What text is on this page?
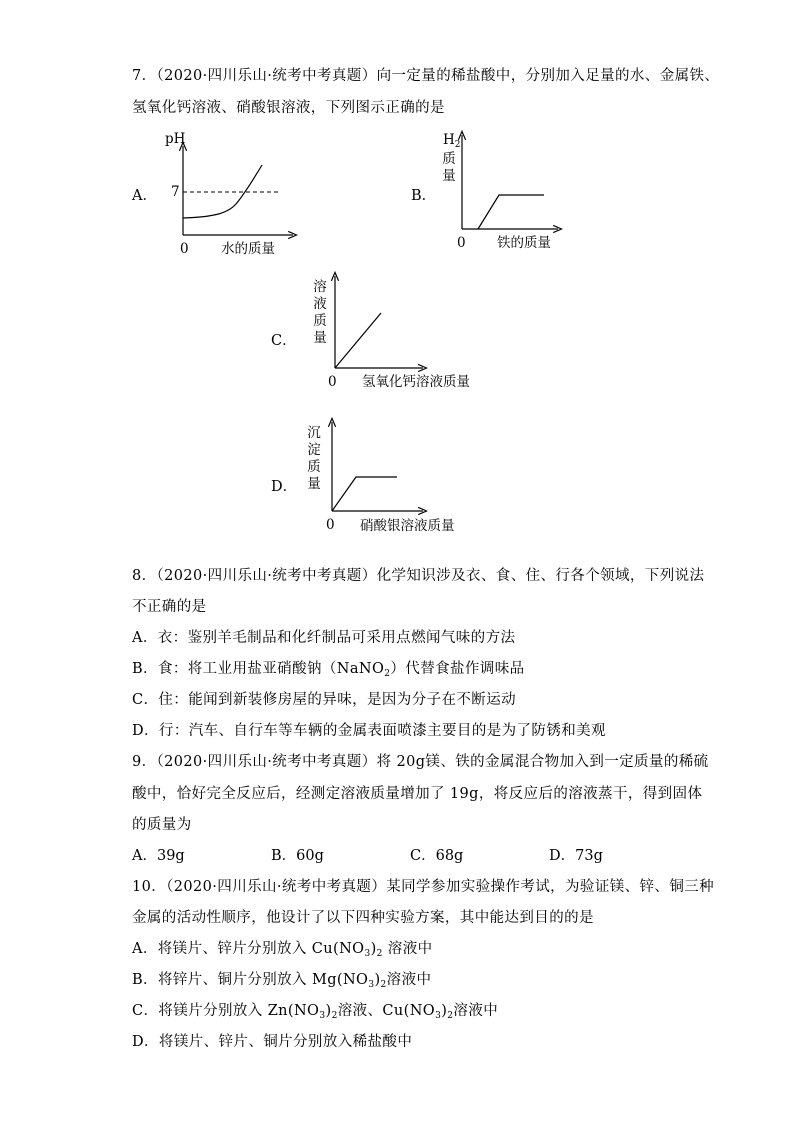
7．（2020·四川乐山·统考中考真题）向一定量的稀盐酸中，分别加入足量的水、金属铁、
氢氧化钙溶液、硝酸银溶液，下列图示正确的是
A．
pH
7
0 水的质量
B．
$H_2$
质
量
0 铁的质量
C．
溶
液
质
量
0 氢氧化钙溶液质量
D．
沉
淀
质
量
0 硝酸银溶液质量
8．（2020·四川乐山·统考中考真题）化学知识涉及衣、食、住、行各个领域，下列说法
不正确的是
A．衣：鉴别羊毛制品和化纤制品可采用点燃闻气味的方法
B．食：将工业用盐亚硝酸钠（NaNO$_2$）代替食盐作调味品
C．住：能闻到新装修房屋的异味，是因为分子在不断运动
D．行：汽车、自行车等车辆的金属表面喷漆主要目的是为了防锈和美观
9．（2020·四川乐山·统考中考真题）将 20g镁、铁的金属混合物加入到一定质量的稀硫
酸中，恰好完全反应后，经测定溶液质量增加了 19g，将反应后的溶液蒸干，得到固体
的质量为
A．39g	B．60g	C．68g	D．73g
10．（2020·四川乐山·统考中考真题）某同学参加实验操作考试，为验证镁、锌、铜三种
金属的活动性顺序，他设计了以下四种实验方案，其中能达到目的的是
A．将镁片、锌片分别放入 $Cu(NO_3)_2$ 溶液中
B．将锌片、铜片分别放入 $Mg(NO_3)_2$溶液中
C．将镁片分别放入 $Zn(NO_3)_2$溶液、$Cu(NO_3)_2$溶液中
D．将镁片、锌片、铜片分别放入稀盐酸中
